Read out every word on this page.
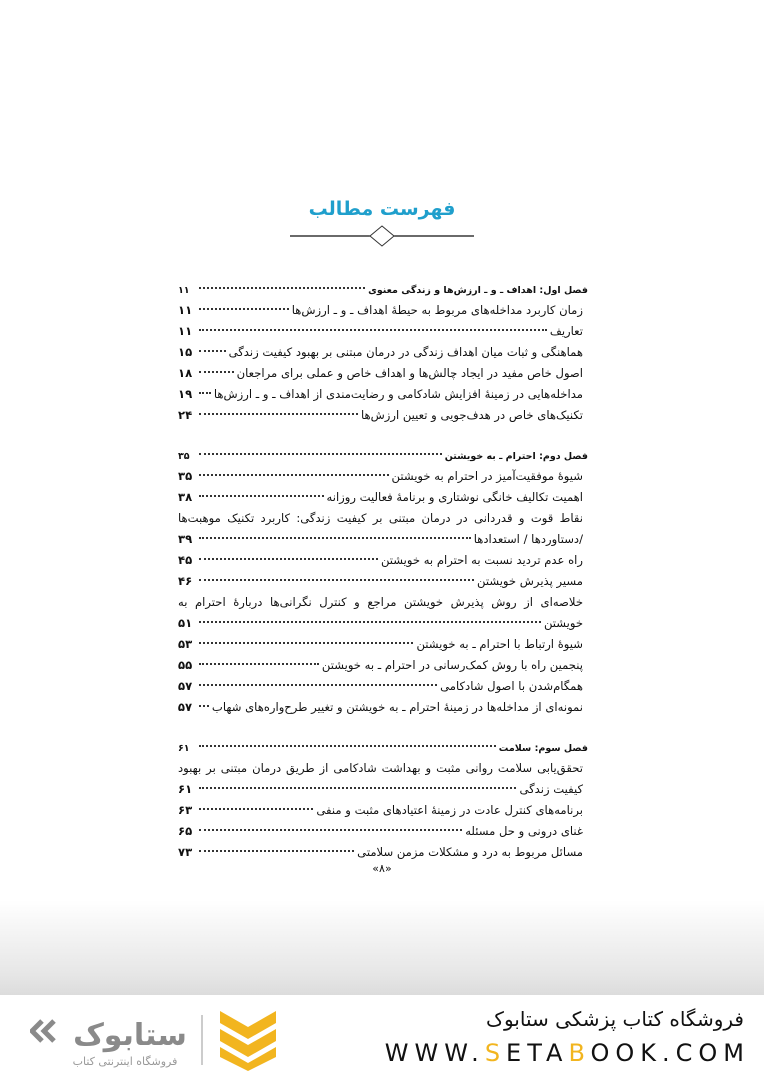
فهرست مطالب
فصل اول: اهداف ـ و ـ ارزش‌ها و زندگی معنوی
۱۱
زمان کاربرد مداخله‌های مربوط به حیطهٔ اهداف ـ و ـ ارزش‌ها
۱۱
تعاریف
۱۱
هماهنگی و ثبات میان اهداف زندگی در درمان مبتنی بر بهبود کیفیت زندگی
۱۵
اصول خاص مفید در ایجاد چالش‌ها و اهداف خاص و عملی برای مراجعان
۱۸
مداخله‌هایی در زمینهٔ افزایش شادکامی و رضایت‌مندی از اهداف ـ و ـ ارزش‌ها
۱۹
تکنیک‌های خاص در هدف‌جویی و تعیین ارزش‌ها
۲۴
فصل دوم: احترام ـ به خویشتن
۳۵
شیوهٔ موفقیت‌آمیز در احترام به خویشتن
۳۵
اهمیت تکالیف خانگی نوشتاری و برنامهٔ فعالیت روزانه
۳۸
نقاط قوت و قدردانی در درمان مبتنی بر کیفیت زندگی: کاربرد تکنیک موهبت‌ها
/دستاوردها / استعدادها
۳۹
راه عدم تردید نسبت به احترام به خویشتن
۴۵
مسیر پذیرش خویشتن
۴۶
خلاصه‌ای از روش پذیرش خویشتن مراجع و کنترل نگرانی‌ها دربارهٔ احترام به
خویشتن
۵۱
شیوهٔ ارتباط با احترام ـ به خویشتن
۵۳
پنجمین راه با روش کمک‌رسانی در احترام ـ به خویشتن
۵۵
همگام‌شدن با اصول شادکامی
۵۷
نمونه‌ای از مداخله‌ها در زمینهٔ احترام ـ به خویشتن و تغییر طرح‌واره‌های شهاب
۵۷
فصل سوم: سلامت
۶۱
تحقق‌یابی سلامت روانی مثبت و بهداشت شادکامی از طریق درمان مبتنی بر بهبود
کیفیت زندگی
۶۱
برنامه‌های کنترل عادت در زمینهٔ اعتیادهای مثبت و منفی
۶۳
غنای درونی و حل مسئله
۶۵
مسائل مربوط به درد و مشکلات مزمن سلامتی
۷۳
«۸»
ستابوک
فروشگاه اینترنتی کتاب
فروشگاه کتاب پزشکی ستابوک
WWW.SETABOOK.COM
